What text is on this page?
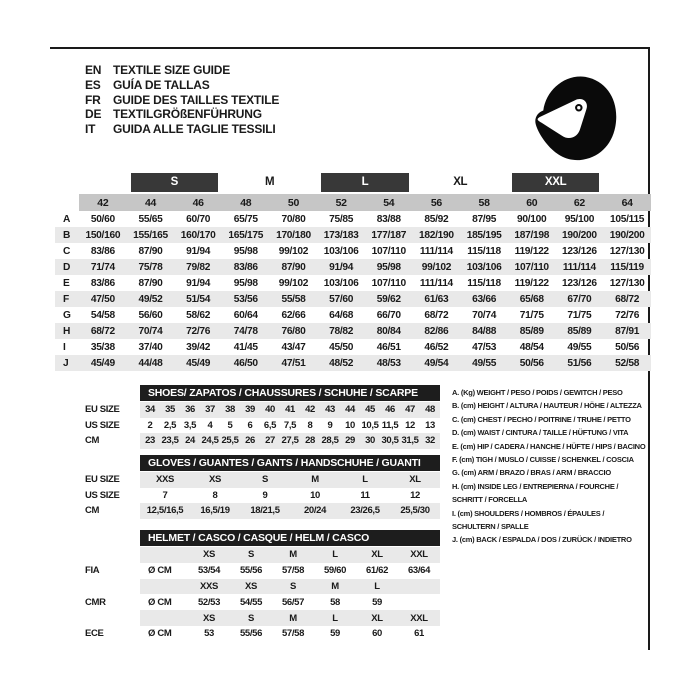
EN TEXTILE SIZE GUIDE
ES	GUÍA DE TALLAS
FR	GUIDE DES TAILLES TEXTILE
DE TEXTILGRÖßENFÜHRUNG
IT	GUIDA ALLE TAGLIE TESSILI

		S		M		L		XL		XXL		

	42	44	46	48	50	52	54	56	58	60	62	64
A	50/60	55/65	60/70	65/75	70/80	75/85	83/88	85/92	87/95	90/100	95/100	105/115
B	150/160	155/165	160/170	165/175	170/180	173/183	177/187	182/190	185/195	187/198	190/200	190/200
C	83/86	87/90	91/94	95/98	99/102	103/106	107/110	111/114	115/118	119/122	123/126	127/130
D	71/74	75/78	79/82	83/86	87/90	91/94	95/98	99/102	103/106	107/110	111/114	115/119
E	83/86	87/90	91/94	95/98	99/102	103/106	107/110	111/114	115/118	119/122	123/126	127/130
F	47/50	49/52	51/54	53/56	55/58	57/60	59/62	61/63	63/66	65/68	67/70	68/72
G	54/58	56/60	58/62	60/64	62/66	64/68	66/70	68/72	70/74	71/75	71/75	72/76
H	68/72	70/74	72/76	74/78	76/80	78/82	80/84	82/86	84/88	85/89	85/89	87/91
I	35/38	37/40	39/42	41/45	43/47	45/50	46/51	46/52	47/53	48/54	49/55	50/56
J	45/49	44/48	45/49	46/50	47/51	48/52	48/53	49/54	49/55	50/56	51/56	52/58
SHOES/ ZAPATOS / CHAUSSURES / SCHUHE / SCARPE
EU SIZE	34	35	36	37	38	39	40	41	42	43	44	45	46	47	48
US SIZE	2	2,5	3,5	4	5	6	6,5	7,5	8	9	10	10,5	11,5	12	13
CM	23	23,5	24	24,5	25,5	26	27	27,5	28	28,5	29	30	30,5	31,5	32
GLOVES / GUANTES / GANTS / HANDSCHUHE / GUANTI
EU SIZE	XXS	XS	S	M	L	XL
US SIZE	7	8	9	10	11	12
CM	12,5/16,5	16,5/19	18/21,5	20/24	23/26,5	25,5/30
HELMET / CASCO / CASQUE / HELM / CASCO
		XS	S	M	L	XL	XXL
FIA	Ø CM	53/54	55/56	57/58	59/60	61/62	63/64
		XXS	XS	S	M	L	
CMR	Ø CM	52/53	54/55	56/57	58	59	
		XS	S	M	L	XL	XXL
ECE	Ø CM	53	55/56	57/58	59	60	61
A. (Kg) WEIGHT / PESO / POIDS / GEWITCH / PESO
B. (cm) HEIGHT / ALTURA / HAUTEUR / HÖHE / ALTEZZA
C. (cm) CHEST / PECHO / POITRINE / TRUHE / PETTO
D. (cm) WAIST / CINTURA / TAILLE / HÜFTUNG / VITA
E. (cm) HIP / CADERA / HANCHE / HÜFTE / HIPS / BACINO
F. (cm) TIGH / MUSLO / CUISSE / SCHENKEL / COSCIA
G. (cm) ARM / BRAZO / BRAS / ARM / BRACCIO
H. (cm) INSIDE LEG / ENTREPIERNA / FOURCHE / SCHRITT / FORCELLA
I. (cm) SHOULDERS / HOMBROS / ÉPAULES / SCHULTERN / SPALLE
J. (cm) BACK / ESPALDA / DOS / ZURÜCK / INDIETRO
